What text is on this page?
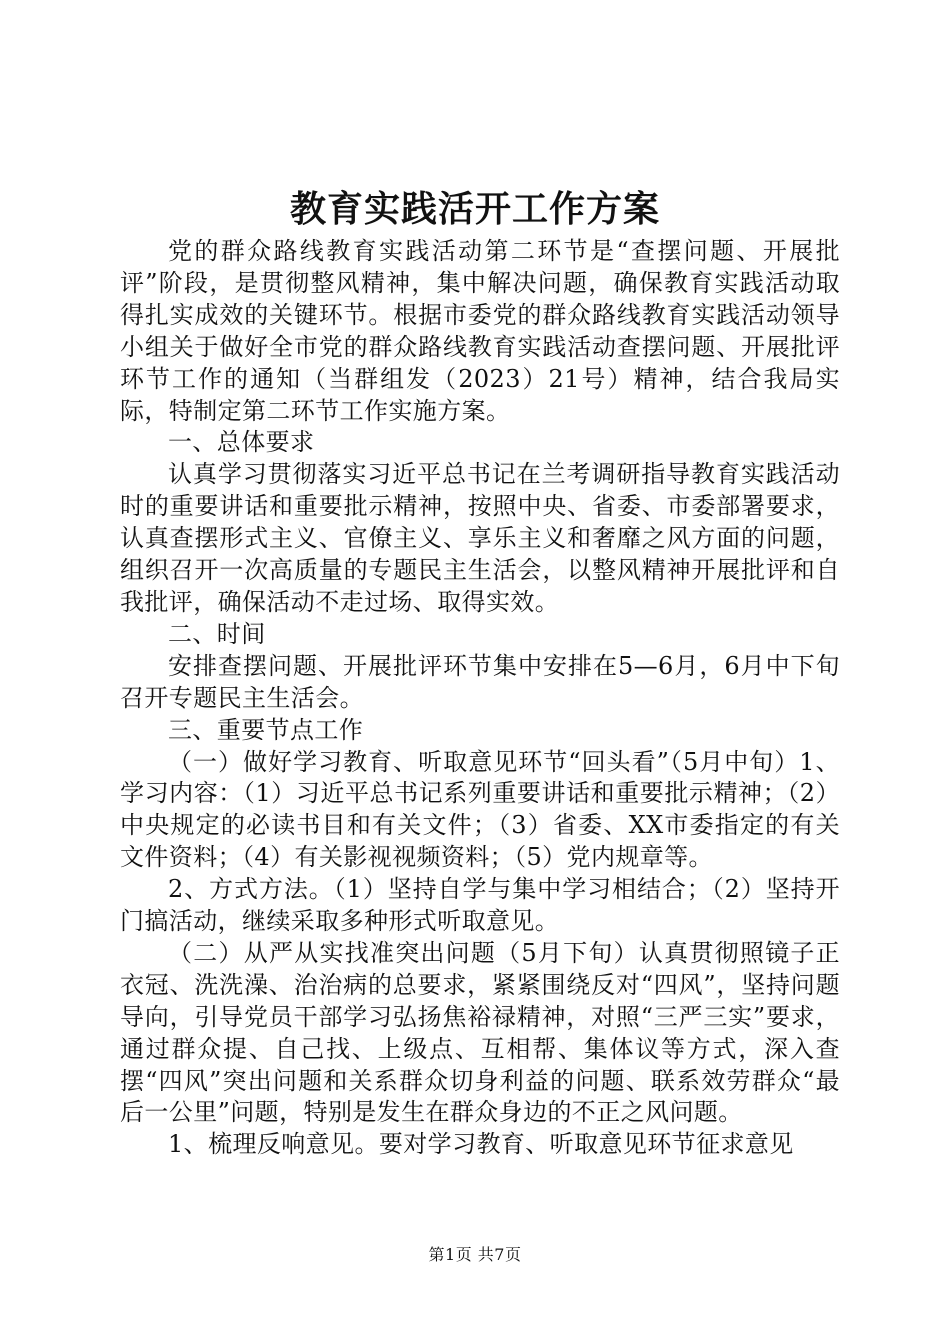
教育实践活开工作方案

党的群众路线教育实践活动第二环节是“查摆问题、开展批评”阶段，是贯彻整风精神，集中解决问题，确保教育实践活动取得扎实成效的关键环节。根据市委党的群众路线教育实践活动领导小组关于做好全市党的群众路线教育实践活动查摆问题、开展批评环节工作的通知（当群组发（2023）21号）精神，结合我局实际，特制定第二环节工作实施方案。

一、总体要求

认真学习贯彻落实习近平总书记在兰考调研指导教育实践活动时的重要讲话和重要批示精神，按照中央、省委、市委部署要求，认真查摆形式主义、官僚主义、享乐主义和奢靡之风方面的问题，组织召开一次高质量的专题民主生活会，以整风精神开展批评和自我批评，确保活动不走过场、取得实效。

二、时间

安排查摆问题、开展批评环节集中安排在5—6月，6月中下旬召开专题民主生活会。

三、重要节点工作

（一）做好学习教育、听取意见环节“回头看”（5月中旬）1、学习内容：（1）习近平总书记系列重要讲话和重要批示精神；（2）中央规定的必读书目和有关文件；（3）省委、XX市委指定的有关文件资料；（4）有关影视视频资料；（5）党内规章等。

2、方式方法。（1）坚持自学与集中学习相结合；（2）坚持开门搞活动，继续采取多种形式听取意见。

（二）从严从实找准突出问题（5月下旬）认真贯彻照镜子正衣冠、洗洗澡、治治病的总要求，紧紧围绕反对“四风”，坚持问题导向，引导党员干部学习弘扬焦裕禄精神，对照“三严三实”要求，通过群众提、自己找、上级点、互相帮、集体议等方式，深入查摆“四风”突出问题和关系群众切身利益的问题、联系效劳群众“最后一公里”问题，特别是发生在群众身边的不正之风问题。

1、梳理反响意见。要对学习教育、听取意见环节征求意见

第1页 共7页
